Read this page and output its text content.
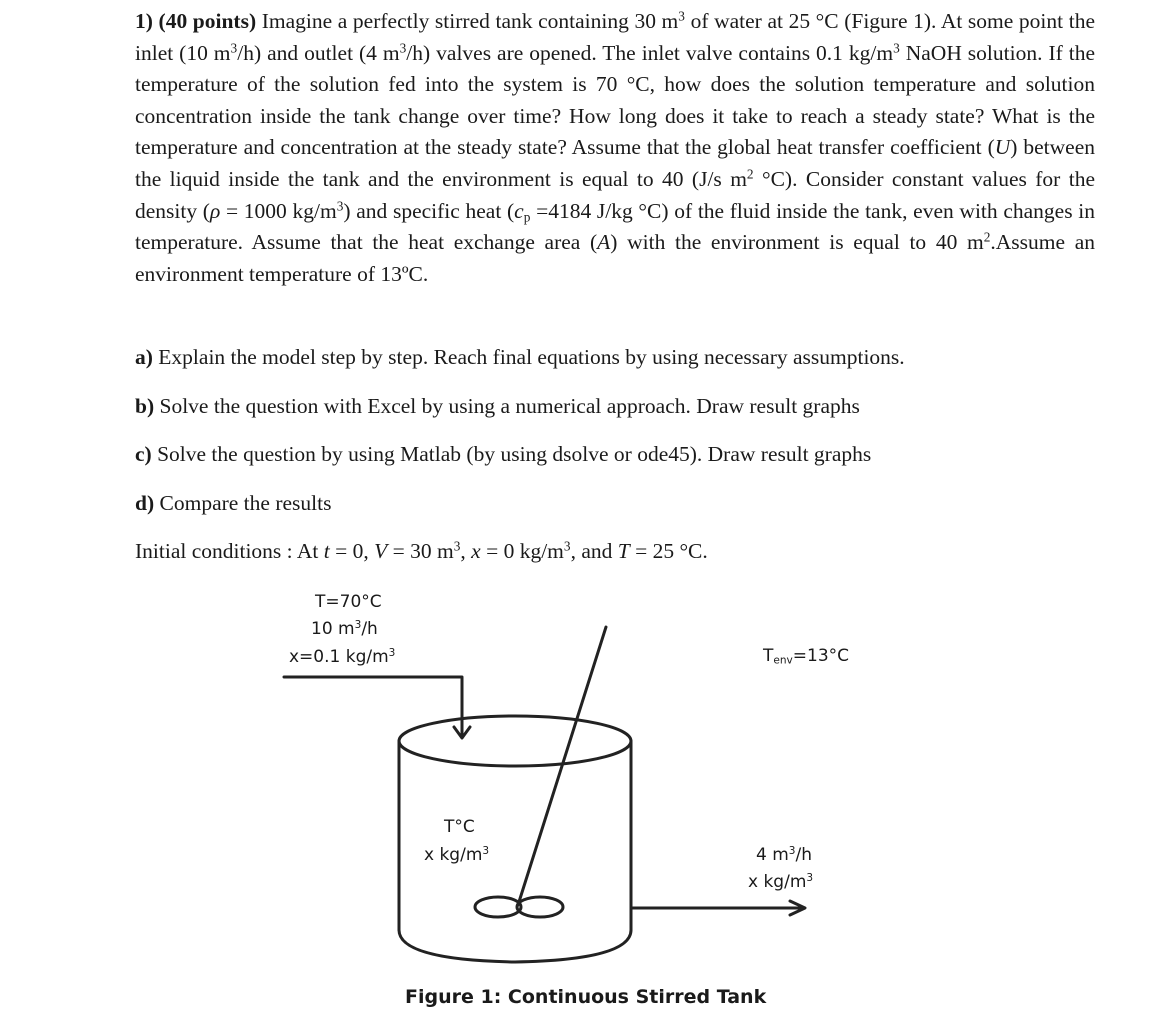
1) (40 points) Imagine a perfectly stirred tank containing 30 $m^3$ of water at 25 °C (Figure 1). At some point the inlet (10 $m^3/h$) and outlet (4 $m^3/h$) valves are opened. The inlet valve contains 0.1 $kg/m^3$ NaOH solution. If the temperature of the solution fed into the system is 70 °C, how does the solution temperature and solution concentration inside the tank change over time? How long does it take to reach a steady state? What is the temperature and concentration at the steady state? Assume that the global heat transfer coefficient (U) between the liquid inside the tank and the environment is equal to 40 (J/s $m^2$ °C). Consider constant values for the density (ρ = 1000 $kg/m^3$) and specific heat ($c_p =4184$ J/kg °C) of the fluid inside the tank, even with changes in temperature. Assume that the heat exchange area (A) with the environment is equal to 40 $m^2.Assume$ an environment temperature of 13ºC.

a) Explain the model step by step. Reach final equations by using necessary assumptions.
b) Solve the question with Excel by using a numerical approach. Draw result graphs
c) Solve the question by using Matlab (by using dsolve or ode45). Draw result graphs
d) Compare the results
Initial conditions : At t = 0, V = 30 $m^3$, x = 0 $kg/m^3$, and T = 25 °C.
T=70°C
10 $m^3/h$
x=0.1 $kg/m^3$	$T_{env}=13^\circ C$
T°C
x $kg/m^3$	4 $m^3/h$
x $kg/m^3$
Figure 1: Continuous Stirred Tank
